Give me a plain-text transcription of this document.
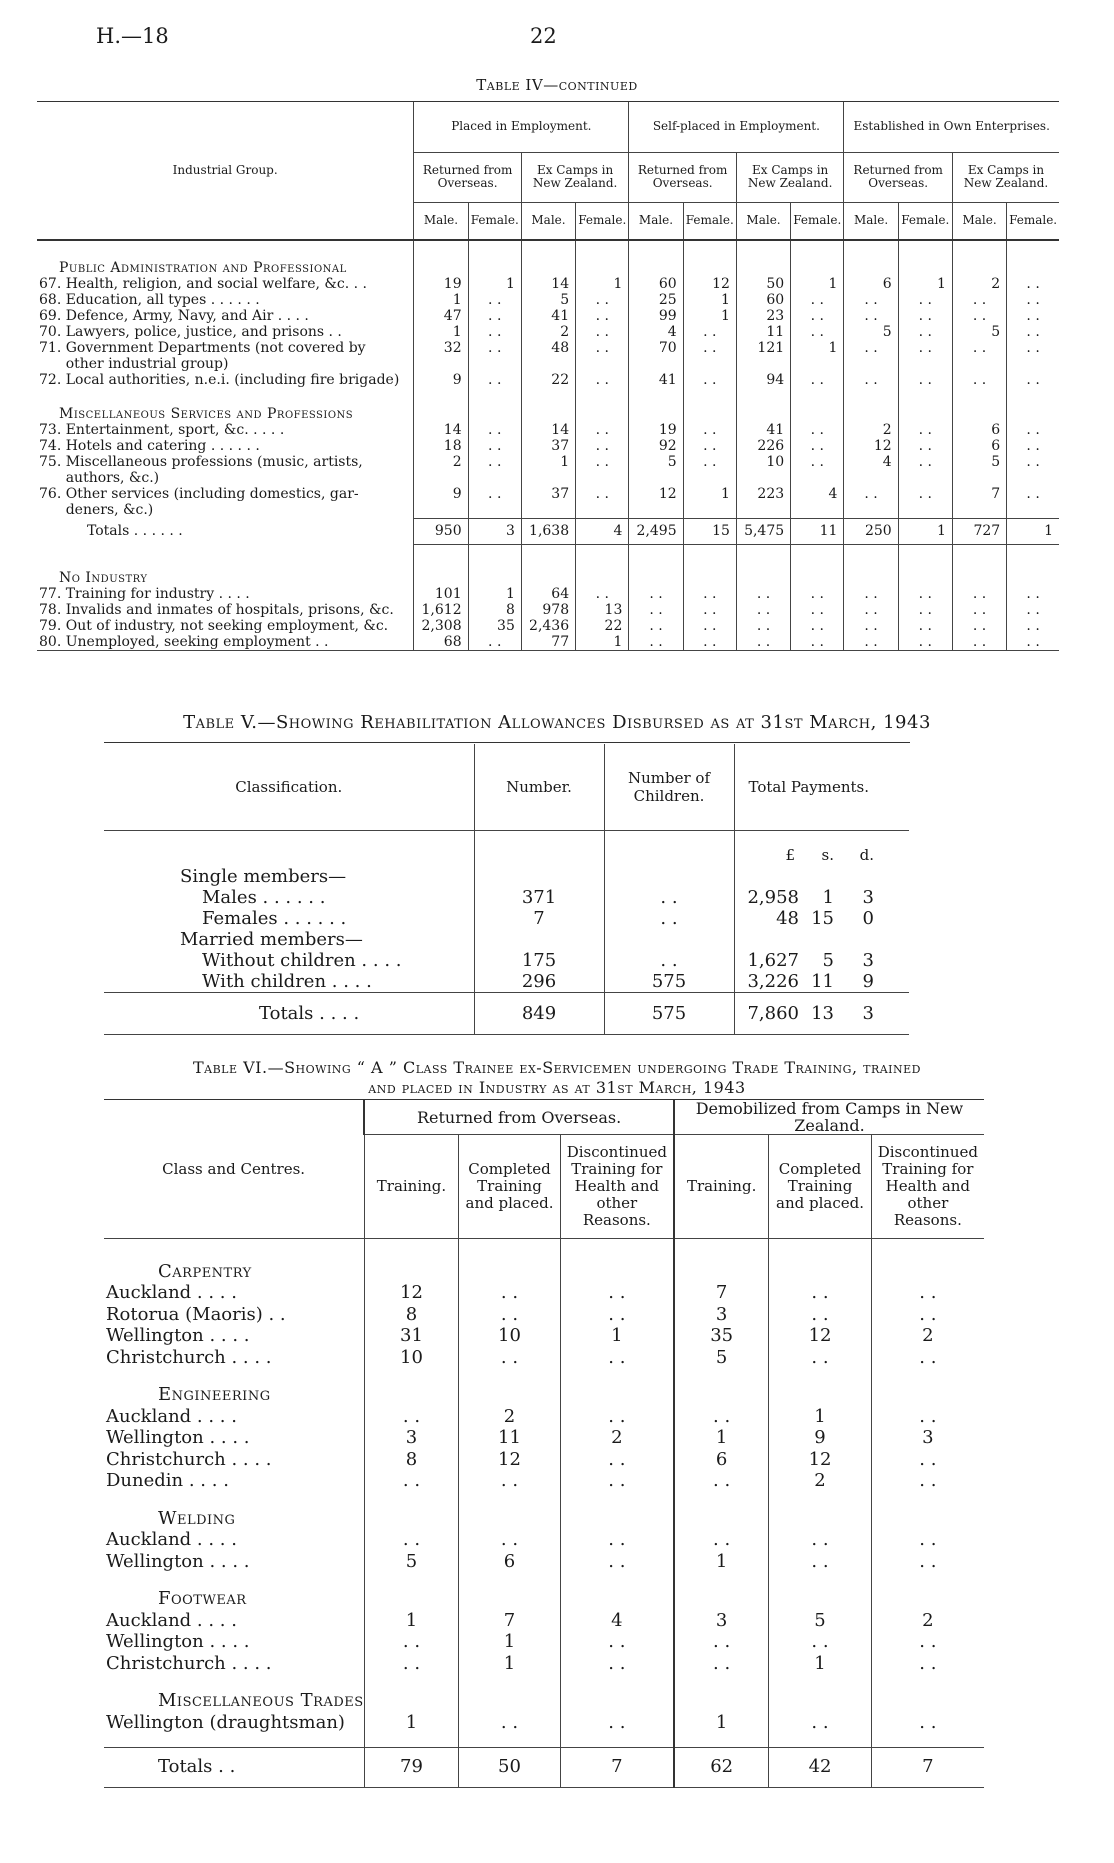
H.—18	22
Table IV—continued
Industrial Group.	Placed in Employment.				Self-placed in Employment.				Established in Own Enterprises.			
	Returned from Overseas.		Ex Camps in New Zealand.		Returned from Overseas.		Ex Camps in New Zealand.		Returned from Overseas.		Ex Camps in New Zealand.	
	Male.	Female.	Male.	Female.	Male.	Female.	Male.	Female.	Male.	Female.	Male.	Female.

Public Administration and Professional												
67. Health, religion, and social welfare, &c. . .	19	1	14	1	60	12	50	1	6	1	2	. .
68. Education, all types . . . . . .	1	. .	5	. .	25	1	60	. .	. .	. .	. .	. .
69. Defence, Army, Navy, and Air . . . .	47	. .	41	. .	99	1	23	. .	. .	. .	. .	. .
70. Lawyers, police, justice, and prisons . .	1	. .	2	. .	4	. .	11	. .	5	. .	5	. .
71. Government Departments (not covered by	32	. .	48	. .	70	. .	121	1	. .	. .	. .	. .
other industrial group)												
72. Local authorities, n.e.i. (including fire brigade)	9	. .	22	. .	41	. .	94	. .	. .	. .	. .	. .

Miscellaneous Services and Professions												
73. Entertainment, sport, &c. . . . .	14	. .	14	. .	19	. .	41	. .	2	. .	6	. .
74. Hotels and catering . . . . . .	18	. .	37	. .	92	. .	226	. .	12	. .	6	. .
75. Miscellaneous professions (music, artists,	2	. .	1	. .	5	. .	10	. .	4	. .	5	. .
authors, &c.)												
76. Other services (including domestics, gar-	9	. .	37	. .	12	1	223	4	. .	. .	7	. .
deners, &c.)												
Totals . . . . . .	950	3	1,638	4	2,495	15	5,475	11	250	1	727	1

No Industry												
77. Training for industry . . . .	101	1	64	. .	. .	. .	. .	. .	. .	. .	. .	. .
78. Invalids and inmates of hospitals, prisons, &c.	1,612	8	978	13	. .	. .	. .	. .	. .	. .	. .	. .
79. Out of industry, not seeking employment, &c.	2,308	35	2,436	22	. .	. .	. .	. .	. .	. .	. .	. .
80. Unemployed, seeking employment . .	68	. .	77	1	. .	. .	. .	. .	. .	. .	. .	. .
Table V.—Showing Rehabilitation Allowances Disbursed as at 31st March, 1943
Classification.	Number.	Number of Children.	Total Payments.			

			£	s.	d.	
Single members—						
Males . . . . . .	371	. .	2,958	1	3	
Females . . . . . .	7	. .	48	15	0	
Married members—						
Without children . . . .	175	. .	1,627	5	3	
With children . . . .	296	575	3,226	11	9	
Totals . . . .	849	575	7,860	13	3	
Table VI.—Showing “ A ” Class Trainee ex-Servicemen undergoing Trade Training, trained
and placed in Industry as at 31st March, 1943
Class and Centres.	Returned from Overseas.			Demobilized from Camps in New Zealand.		
	Training.	Completed Training and placed.	Discontinued Training for Health and other Reasons.	Training.	Completed Training and placed.	Discontinued Training for Health and other Reasons.

Carpentry						
Auckland . . . .	12	. .	. .	7	. .	. .
Rotorua (Maoris) . .	8	. .	. .	3	. .	. .
Wellington . . . .	31	10	1	35	12	2
Christchurch . . . .	10	. .	. .	5	. .	. .

Engineering						
Auckland . . . .	. .	2	. .	. .	1	. .
Wellington . . . .	3	11	2	1	9	3
Christchurch . . . .	8	12	. .	6	12	. .
Dunedin . . . .	. .	. .	. .	. .	2	. .

Welding						
Auckland . . . .	. .	. .	. .	. .	. .	. .
Wellington . . . .	5	6	. .	1	. .	. .

Footwear						
Auckland . . . .	1	7	4	3	5	2
Wellington . . . .	. .	1	. .	. .	. .	. .
Christchurch . . . .	. .	1	. .	. .	1	. .

Miscellaneous Trades						
Wellington (draughtsman)	1	. .	. .	1	. .	. .

Totals . .	79	50	7	62	42	7
